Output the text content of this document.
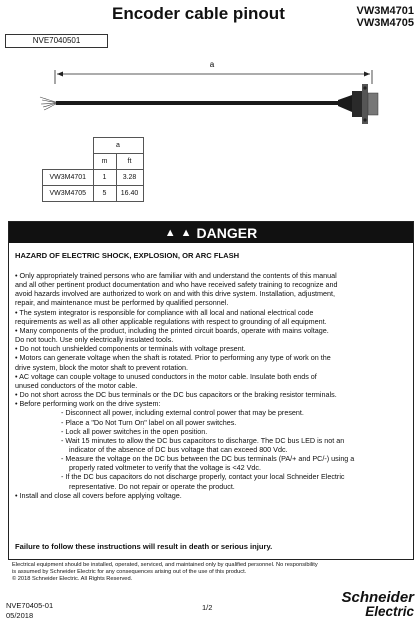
Encoder cable pinout	VW3M4701
VW3M4705
NVE7040501
a
	a	
	m	ft
VW3M4701	1	3.28
VW3M4705	5	16.40
▲ ▲ DANGER
HAZARD OF ELECTRIC SHOCK, EXPLOSION, OR ARC FLASH
• Only appropriately trained persons who are familiar with and understand the contents of this manual
and all other pertinent product documentation and who have received safety training to recognize and
avoid hazards involved are authorized to work on and with this drive system. Installation, adjustment,
repair, and maintenance must be performed by qualified personnel.
• The system integrator is responsible for compliance with all local and national electrical code
requirements as well as all other applicable regulations with respect to grounding of all equipment.
• Many components of the product, including the printed circuit boards, operate with mains voltage.
Do not touch. Use only electrically insulated tools.
• Do not touch unshielded components or terminals with voltage present.
• Motors can generate voltage when the shaft is rotated. Prior to performing any type of work on the
drive system, block the motor shaft to prevent rotation.
• AC voltage can couple voltage to unused conductors in the motor cable. Insulate both ends of
unused conductors of the motor cable.
• Do not short across the DC bus terminals or the DC bus capacitors or the braking resistor terminals.
• Before performing work on the drive system:
- Disconnect all power, including external control power that may be present.
- Place a "Do Not Turn On" label on all power switches.
- Lock all power switches in the open position.
- Wait 15 minutes to allow the DC bus capacitors to discharge. The DC bus LED is not an
indicator of the absence of DC bus voltage that can exceed 800 Vdc.
- Measure the voltage on the DC bus between the DC bus terminals (PA/+ and PC/-) using a
properly rated voltmeter to verify that the voltage is <42 Vdc.
- If the DC bus capacitors do not discharge properly, contact your local Schneider Electric
representative. Do not repair or operate the product.
• Install and close all covers before applying voltage.
Failure to follow these instructions will result in death or serious injury.
Electrical equipment should be installed, operated, serviced, and maintained only by qualified personnel. No responsibility
is assumed by Schneider Electric for any consequences arising out of the use of this product.
© 2018 Schneider Electric. All Rights Reserved.
NVE70405-01
05/2018
1/2
Schneider
Electric
